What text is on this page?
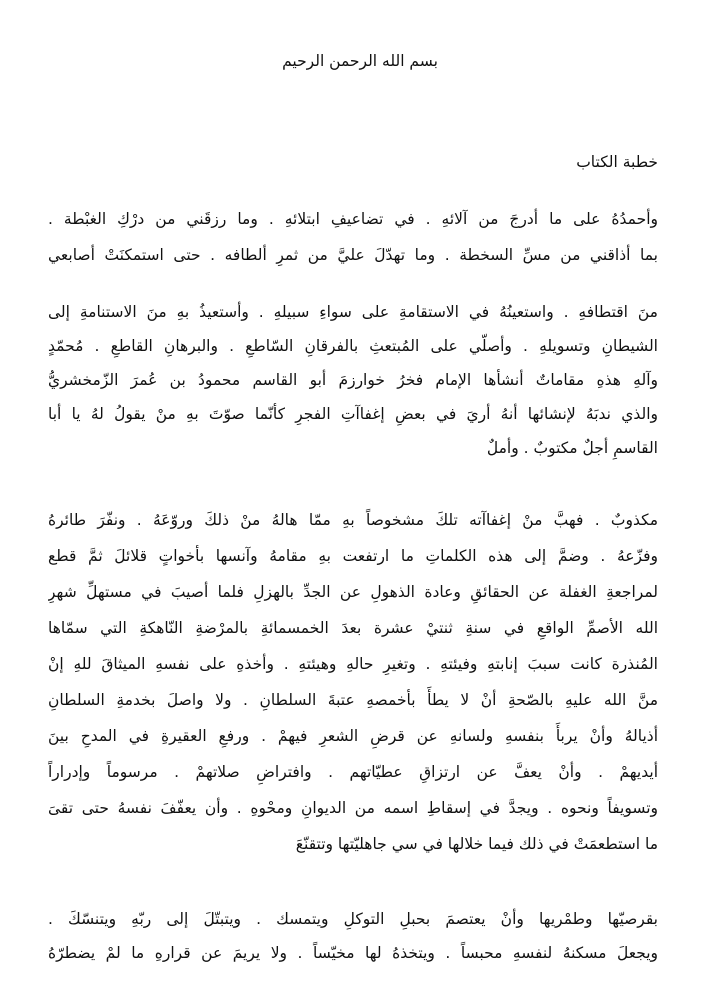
بسم الله الرحمن الرحيم
خطبة الكتاب
وأحمدُهُ على ما أدرجَ من آلائهِ . في تضاعيفِ ابتلائهِ . وما رزقَني من درْكِ الغبْطة .
بما أذاقني من مسِّ السخطة . وما تهدّلَ عليَّ من ثمرِ ألطافه . حتى استمكنَتْ أصابعي
منَ اقتطافهِ . واستعينُهُ في الاستقامةِ على سواءِ سبيلهِ . وأستعيذُ بهِ منَ الاستنامةِ إلى
الشيطانِ وتسويلهِ . وأصلّي على المُبتعثِ بالفرقانِ السّاطعِ . والبرهانِ القاطعِ . مُحمّدٍ
وآلهِ هذهِ مقاماتٌ أنشأها الإمام فخرُ خوارزمَ أبو القاسم محمودُ بن عُمرَ الزّمخشريُّ
والذي ندبَهُ لإنشائها أنهُ أريَ في بعضِ إغفاآتِ الفجرِ كأنّما صوّتَ بهِ منْ يقولُ لهُ يا أبا
القاسمِ أجلٌ مكتوبٌ . وأملٌ
مكذوبٌ . فهبَّ منْ إغفاآته تلكَ مشخوصاً بهِ ممّا هالهُ منْ ذلكَ وروّعَهُ . ونفّرَ طائرهُ
وفزّعهُ . وضمَّ إلى هذه الكلماتِ ما ارتفعت بهِ مقامهُ وآنسها بأخواتٍ قلائلَ ثمَّ قطع
لمراجعةِ الغفلة عن الحقائقِ وعادة الذهولِ عن الجدِّ بالهزلِ فلما أصيبَ في مستهلِّ شهرِ
الله الأصمِّ الواقعِ في سنةِ ثنتيْ عشرة بعدَ الخمسمائةِ بالمرْضةِ النّاهكةِ التي سمّاها
المُنذرة كانت سببَ إنابتهِ وفيئتهِ . وتغيرِ حالهِ وهيئتهِ . وأخذهِ على نفسهِ الميثاقَ للهِ إنْ
منَّ الله عليهِ بالصّحةِ أنْ لا يطأَ بأخمصهِ عتبةَ السلطانِ . ولا واصلَ بخدمةِ السلطانِ
أذيالهُ وأنْ يربأَ بنفسهِ ولسانهِ عن قرضِ الشعرِ فيهمْ . ورفعِ العقيرةِ في المدحِ بينَ
أيديهمْ . وأنْ يعفَّ عن ارتزاقِ عطيّاتهم . وافتراضِ صلاتهمْ . مرسوماً وإدراراً
وتسويفاً ونحوه . ويجدَّ في إسقاطِ اسمه من الديوانِ ومحْوهِ . وأن يعفّفَ نفسهُ حتى تقىَ
ما استطعمَتْ في ذلك فيما خلالها في سي جاهليّتها وتتقنّعَ
بقرصيّها وطمْريها وأنْ يعتصمَ بحبلِ التوكلِ ويتمسك . ويتبتّلَ إلى ربّهِ ويتنسّكَ .
ويجعلَ مسكنهُ لنفسهِ محبساً . ويتخذهُ لها مخيّساً . ولا يريمَ عن قرارهِ ما لمْ يضطرّهُ
